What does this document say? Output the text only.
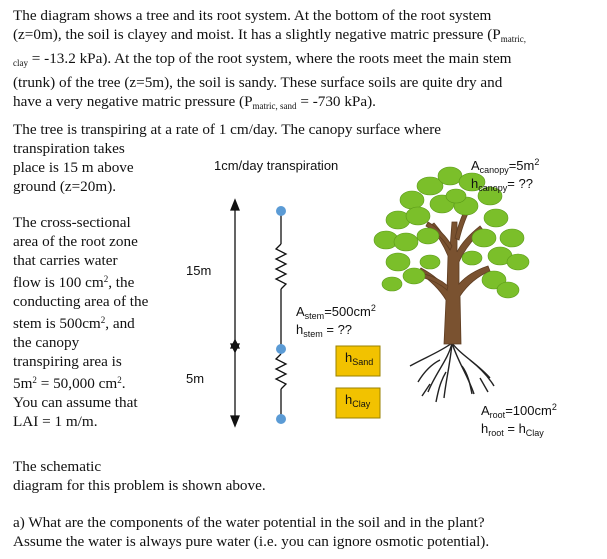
The diagram shows a tree and its root system. At the bottom of the root system
(z=0m), the soil is clayey and moist. It has a slightly negative matric pressure ($P_{matric,}$
$_{clay}$ = -13.2 kPa). At the top of the root system, where the roots meet the main stem
(trunk) of the tree (z=5m), the soil is sandy. These surface soils are quite dry and
have a very negative matric pressure ($P_{matric, sand} = -730$ kPa).
The tree is transpiring at a rate of 1 cm/day. The canopy surface where
transpiration takes
place is 15 m above
ground (z=20m).
The cross-sectional
area of the root zone
that carries water
flow is 100 $cm^2$, the
conducting area of the
stem is $500cm^2$, and
the canopy
transpiring area is
$5m^2 = 50,000$ $cm^2$.
You can assume that
LAI = 1 m/m.
The schematic
diagram for this problem is shown above.
a) What are the components of the water potential in the soil and in the plant?
Assume the water is always pure water (i.e. you can ignore osmotic potential).
1cm/day transpiration
15m
5m
$A_{stem}=500cm^2$
$h_{stem}$ = ??
$h_{Sand}$
$h_{Clay}$
$A_{canopy}=5m^2$
$h_{canopy}=$ ??
$A_{root}=100cm^2$
$h_{root} = h_{Clay}$
